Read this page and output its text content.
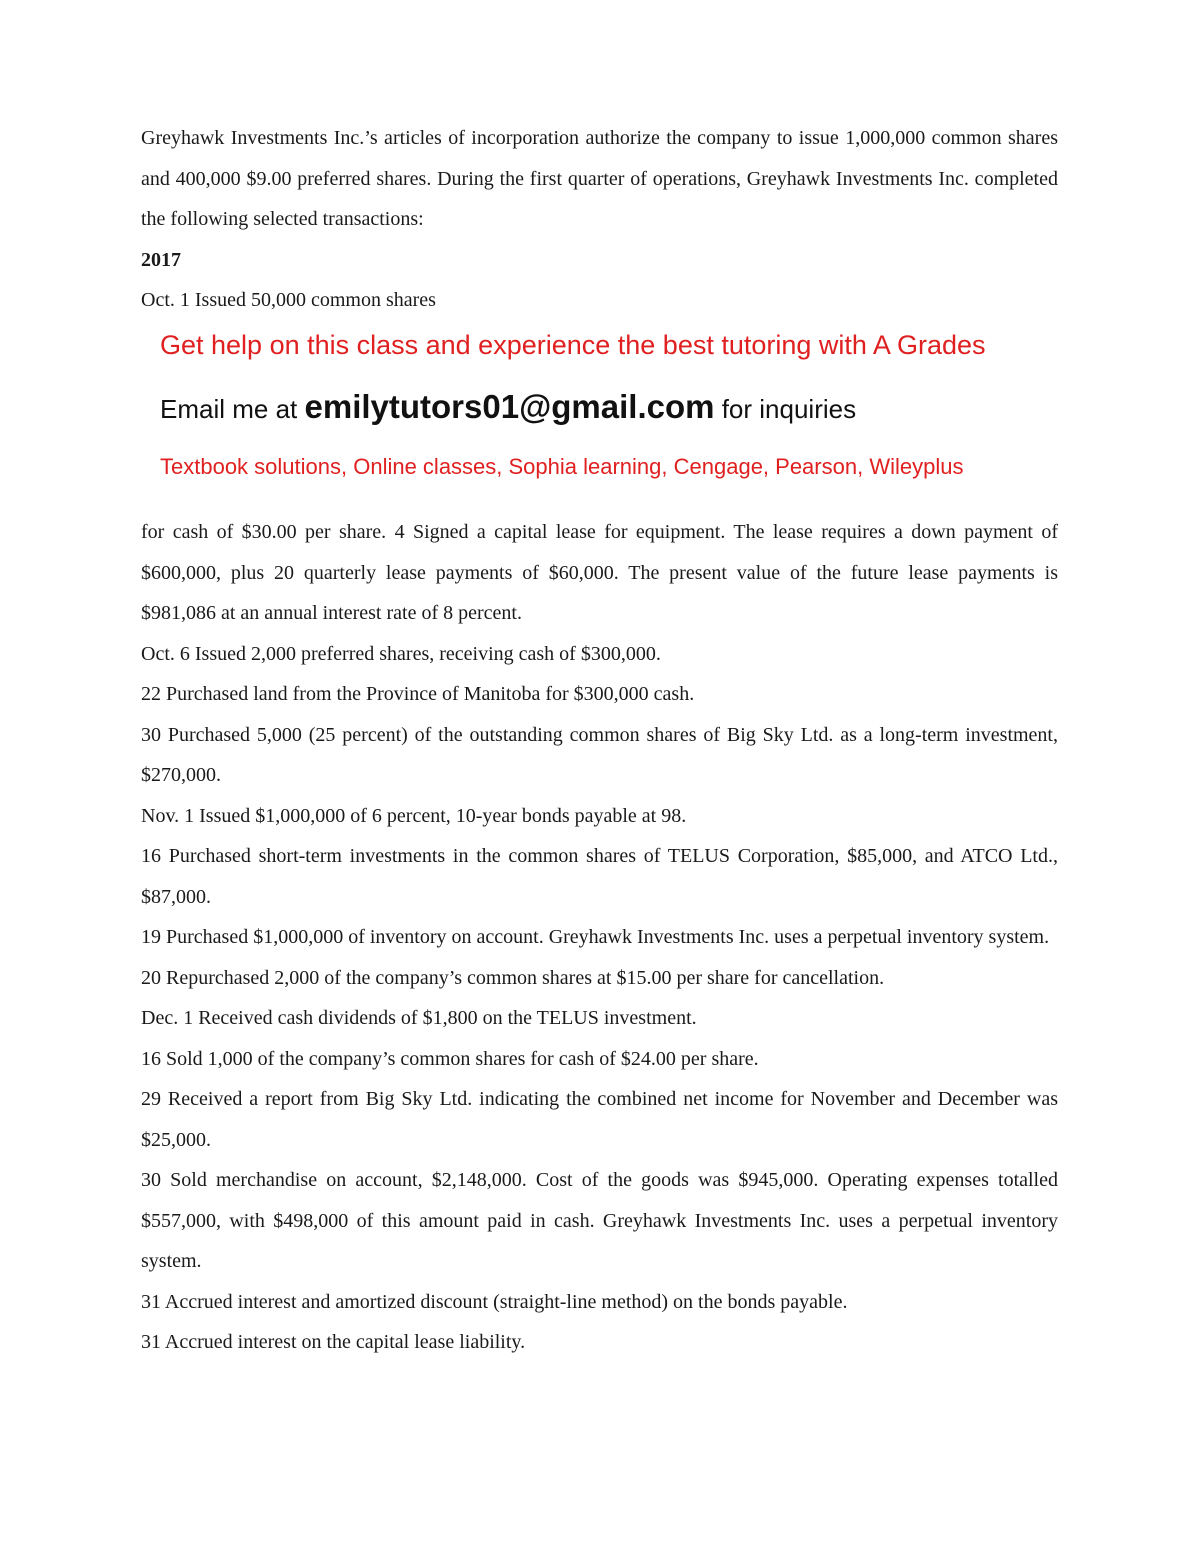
Greyhawk Investments Inc.’s articles of incorporation authorize the company to issue 1,000,000 common shares and 400,000 $9.00 preferred shares. During the first quarter of operations, Greyhawk Investments Inc. completed the following selected transactions:

2017

Oct. 1 Issued 50,000 common shares

Get help on this class and experience the best tutoring with A Grades
Email me at emilytutors01@gmail.com for inquiries
Textbook solutions, Online classes, Sophia learning, Cengage, Pearson, Wileyplus

for cash of $30.00 per share. 4 Signed a capital lease for equipment. The lease requires a down payment of $600,000, plus 20 quarterly lease payments of $60,000. The present value of the future lease payments is $981,086 at an annual interest rate of 8 percent.

Oct. 6 Issued 2,000 preferred shares, receiving cash of $300,000.

22 Purchased land from the Province of Manitoba for $300,000 cash.

30 Purchased 5,000 (25 percent) of the outstanding common shares of Big Sky Ltd. as a long-term investment, $270,000.

Nov. 1 Issued $1,000,000 of 6 percent, 10-year bonds payable at 98.

16 Purchased short-term investments in the common shares of TELUS Corporation, $85,000, and ATCO Ltd., $87,000.

19 Purchased $1,000,000 of inventory on account. Greyhawk Investments Inc. uses a perpetual inventory system.

20 Repurchased 2,000 of the company’s common shares at $15.00 per share for cancellation.

Dec. 1 Received cash dividends of $1,800 on the TELUS investment.

16 Sold 1,000 of the company’s common shares for cash of $24.00 per share.

29 Received a report from Big Sky Ltd. indicating the combined net income for November and December was $25,000.

30 Sold merchandise on account, $2,148,000. Cost of the goods was $945,000. Operating expenses totalled $557,000, with $498,000 of this amount paid in cash. Greyhawk Investments Inc. uses a perpetual inventory system.

31 Accrued interest and amortized discount (straight-line method) on the bonds payable.

31 Accrued interest on the capital lease liability.
